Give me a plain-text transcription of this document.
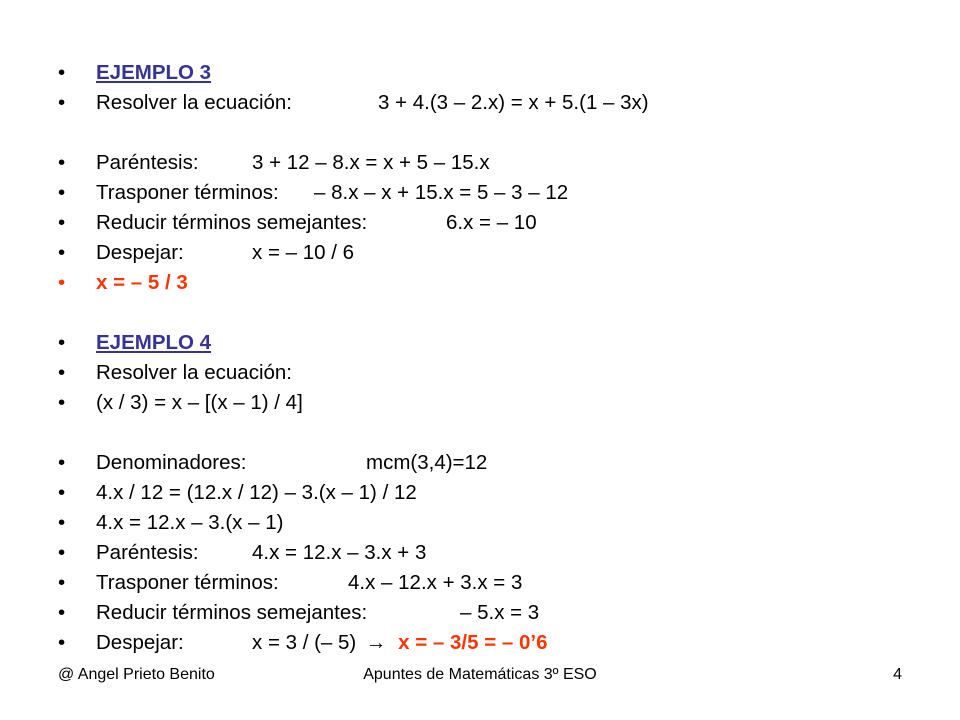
•	EJEMPLO 3
•	Resolver la ecuación:	3 + 4.(3 – 2.x) = x + 5.(1 – 3x)
•	Paréntesis:	3 + 12 – 8.x = x + 5 – 15.x
•	Trasponer términos: – 8.x – x + 15.x = 5 – 3 – 12
•	Reducir términos semejantes:	6.x = – 10
•	Despejar:	x = – 10 / 6
•	x = – 5 / 3
•	EJEMPLO 4
•	Resolver la ecuación:
•	(x / 3) = x – [(x – 1) / 4]
•	Denominadores:	mcm(3,4)=12
•	4.x / 12 = (12.x / 12) – 3.(x – 1) / 12
•	4.x = 12.x – 3.(x – 1)
•	Paréntesis:	4.x = 12.x – 3.x + 3
•	Trasponer términos:	4.x – 12.x + 3.x = 3
•	Reducir términos semejantes:	– 5.x = 3
•	Despejar:	x = 3 / (– 5) → x = – 3/5 = – 0’6
@ Angel Prieto Benito	Apuntes de Matemáticas 3º ESO	4
